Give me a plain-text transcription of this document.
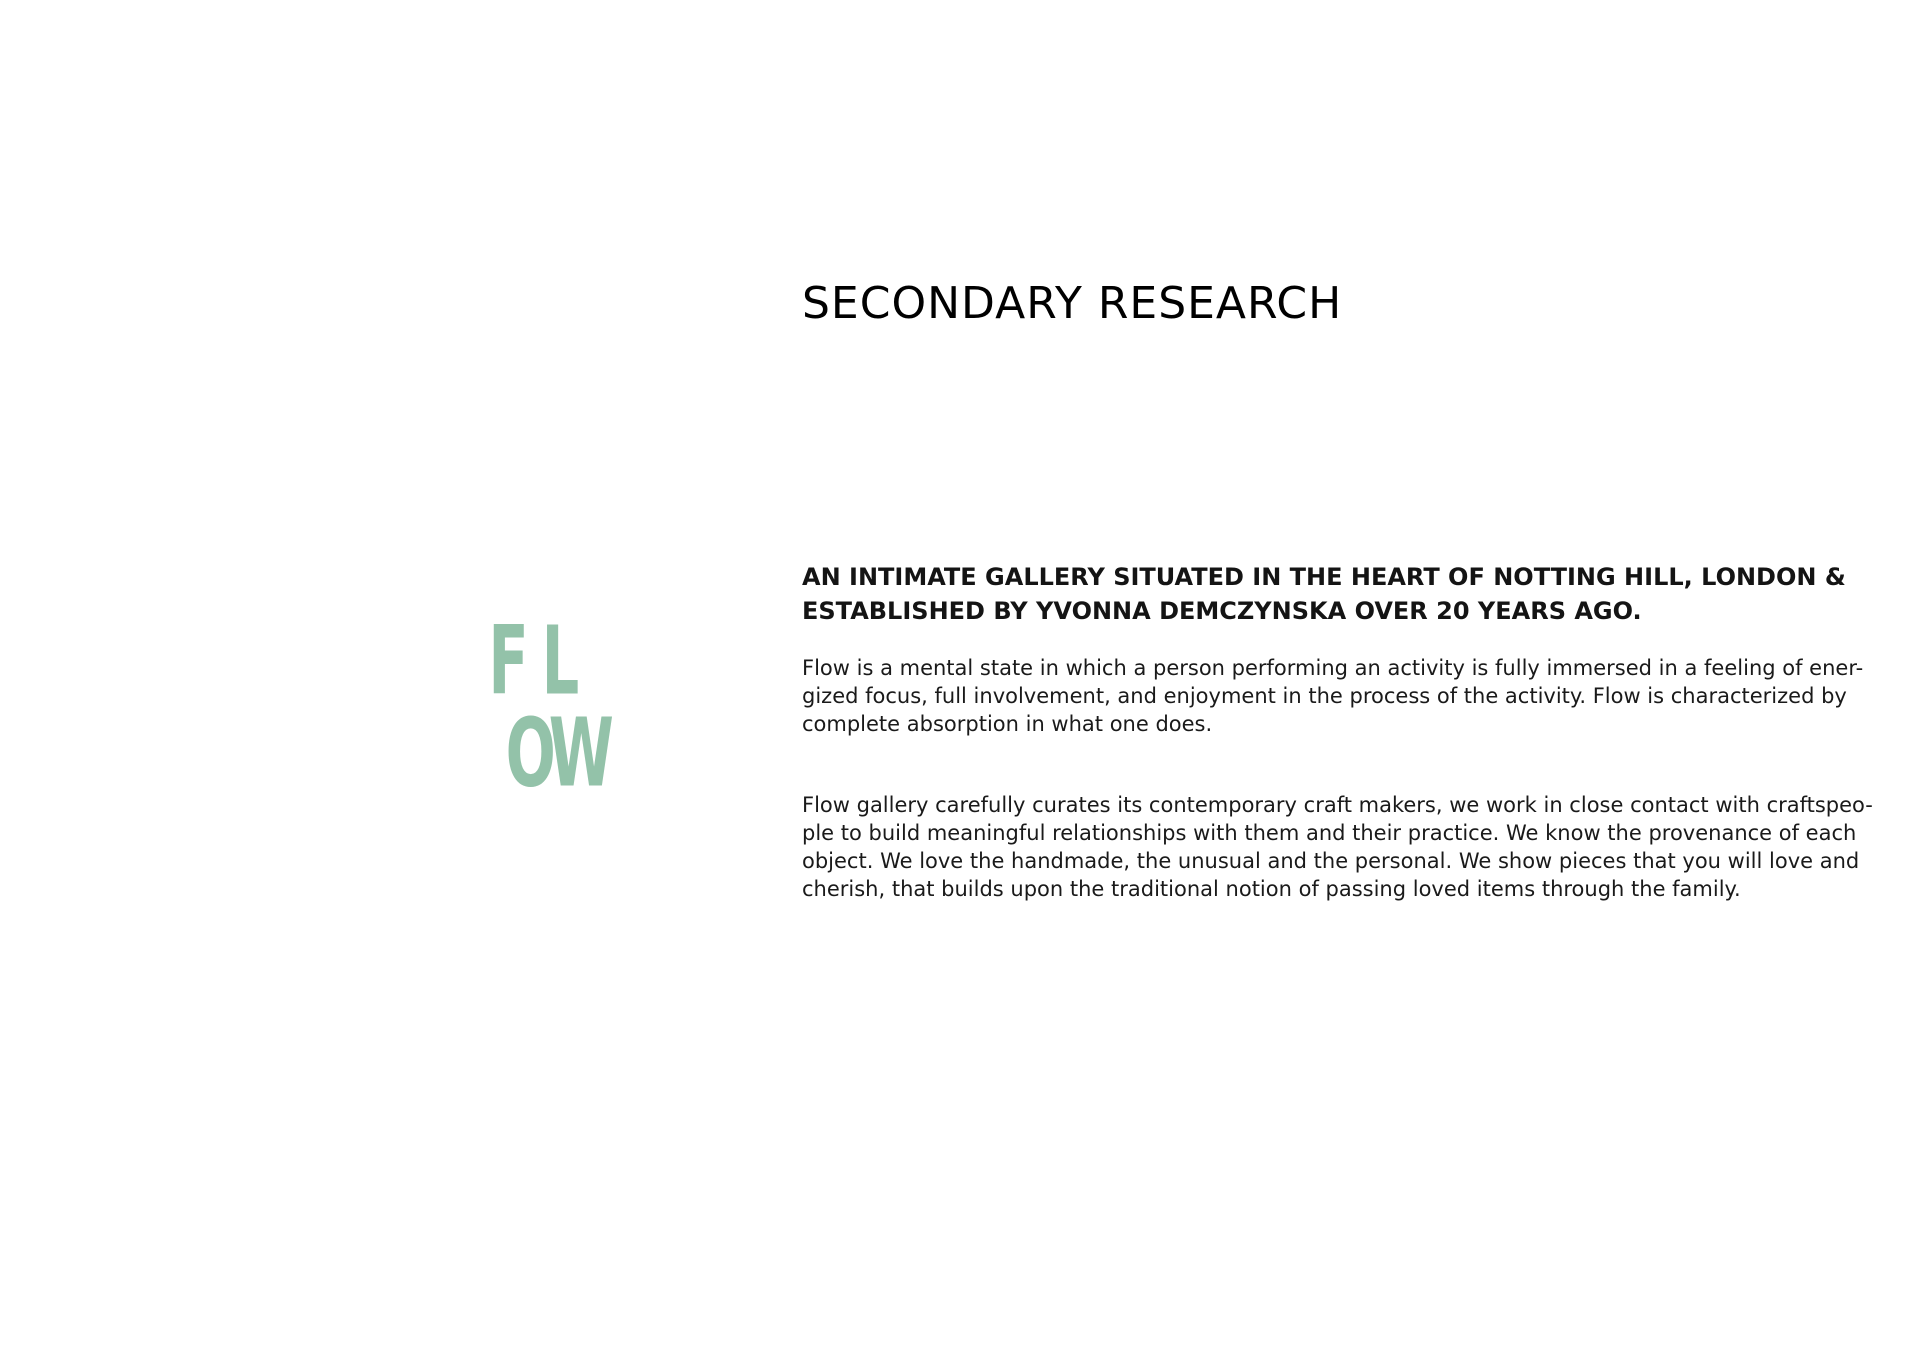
SECONDARY RESEARCH
F L
O
W
AN INTIMATE GALLERY SITUATED IN THE HEART OF NOTTING HILL, LONDON &
ESTABLISHED BY YVONNA DEMCZYNSKA OVER 20 YEARS AGO.

Flow is a mental state in which a person performing an activity is fully immersed in a feeling of ener-
gized focus, full involvement, and enjoyment in the process of the activity. Flow is characterized by
complete absorption in what one does.

Flow gallery carefully curates its contemporary craft makers, we work in close contact with craftspeo-
ple to build meaningful relationships with them and their practice. We know the provenance of each
object. We love the handmade, the unusual and the personal. We show pieces that you will love and
cherish, that builds upon the traditional notion of passing loved items through the family.
